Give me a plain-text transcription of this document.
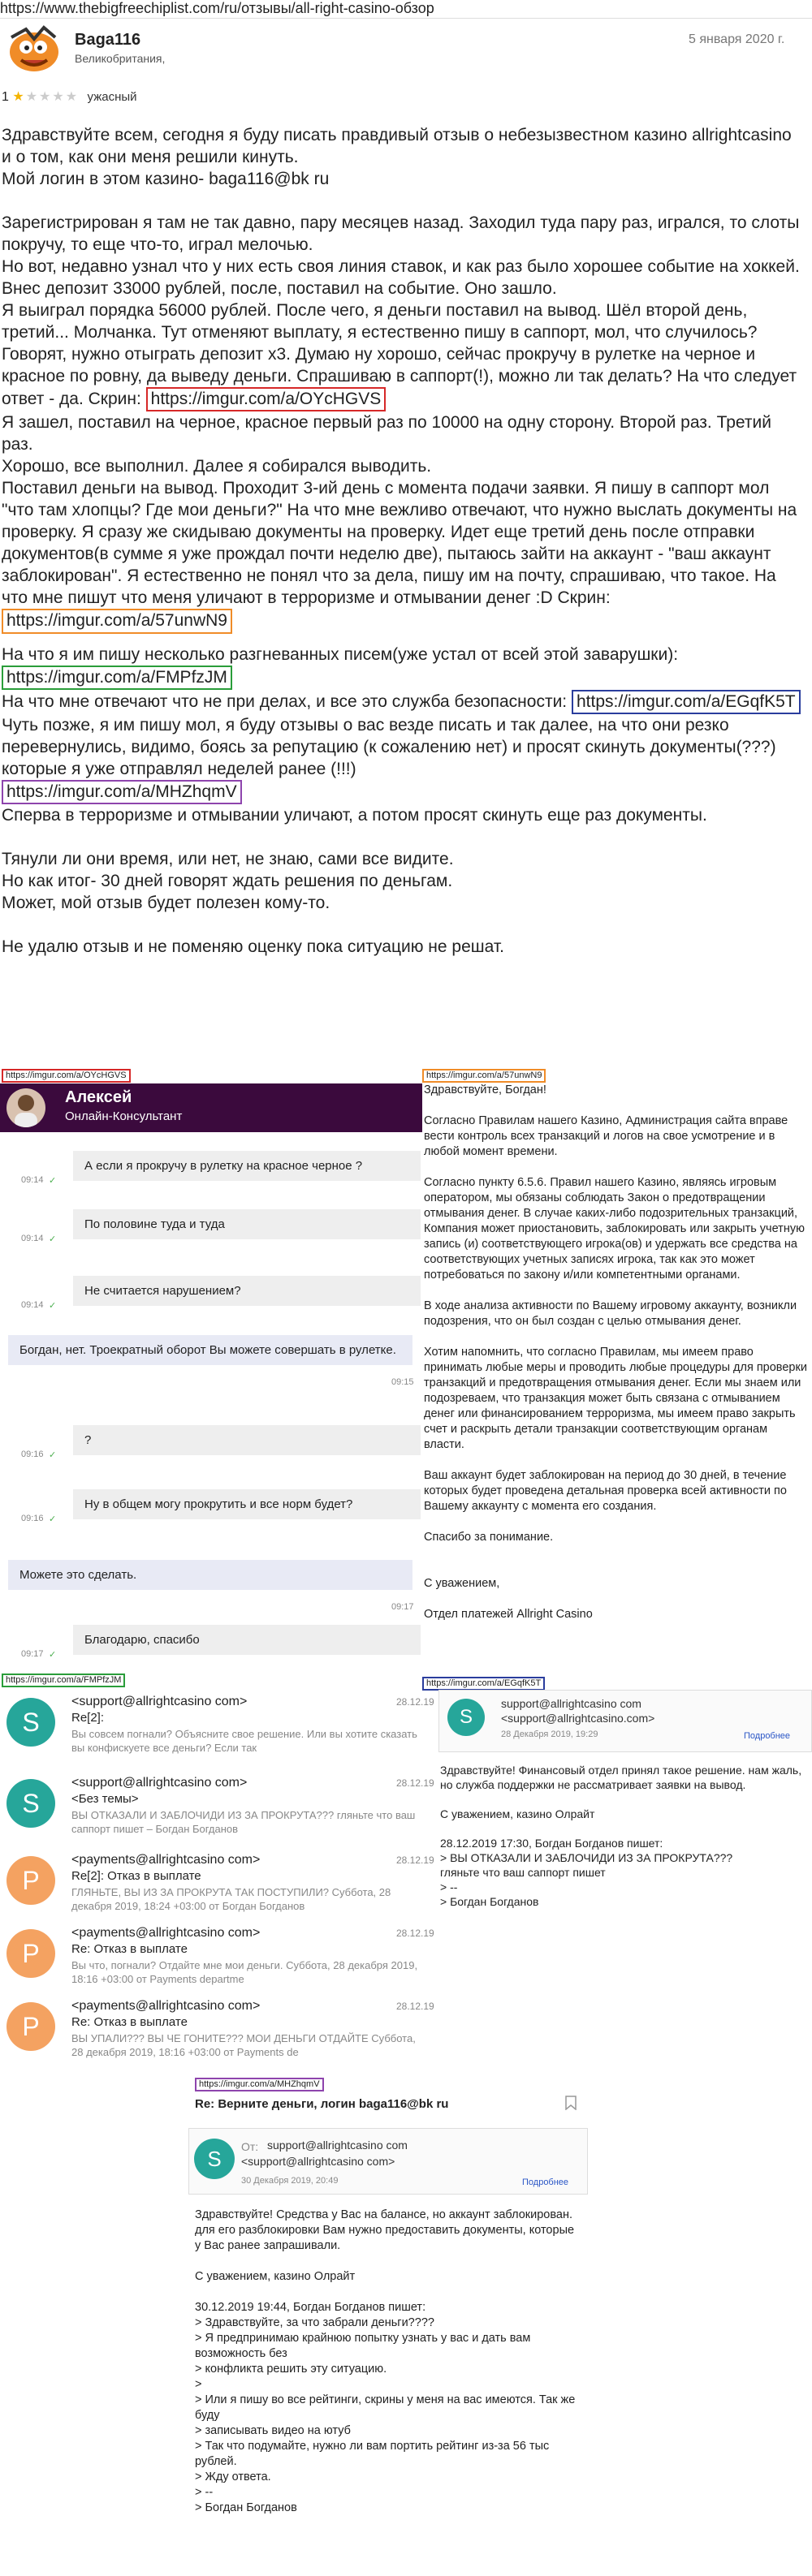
https://www.thebigfreechiplist.com/ru/отзывы/all-right-casino-обзор
Baga116
Великобритания,
5 января 2020 г.
1 ★★★★★ ужасный
Здравствуйте всем, сегодня я буду писать правдивый отзыв о небезызвестном казино allrightcasino и о том, как они меня решили кинуть.
Мой логин в этом казино- baga116@bk ru
Зарегистрирован я там не так давно, пару месяцев назад. Заходил туда пару раз, игрался, то слоты покручу, то еще что-то, играл мелочью.
Но вот, недавно узнал что у них есть своя линия ставок, и как раз было хорошее событие на хоккей. Внес депозит 33000 рублей, после, поставил на событие. Оно зашло.
Я выиграл порядка 56000 рублей. После чего, я деньги поставил на вывод. Шёл второй день, третий... Молчанка. Тут отменяют выплату, я естественно пишу в саппорт, мол, что случилось? Говорят, нужно отыграть депозит х3. Думаю ну хорошо, сейчас прокручу в рулетке на черное и красное по ровну, да выведу деньги. Спрашиваю в саппорт(!), можно ли так делать? На что следует ответ - да. Скрин: https://imgur.com/a/OYcHGVS
Я зашел, поставил на черное, красное первый раз по 10000 на одну сторону. Второй раз. Третий раз.
Хорошо, все выполнил. Далее я собирался выводить.
Поставил деньги на вывод. Проходит 3-ий день с момента подачи заявки. Я пишу в саппорт мол "что там хлопцы? Где мои деньги?" На что мне вежливо отвечают, что нужно выслать документы на проверку. Я сразу же скидываю документы на проверку. Идет еще третий день после отправки документов(в сумме я уже прождал почти неделю две), пытаюсь зайти на аккаунт - "ваш аккаунт заблокирован". Я естественно не понял что за дела, пишу им на почту, спрашиваю, что такое. На что мне пишут что меня уличают в терроризме и отмывании денег :D Скрин:
https://imgur.com/a/57unwN9
На что я им пишу несколько разгневанных писем(уже устал от всей этой заварушки):
https://imgur.com/a/FMPfzJM
На что мне отвечают что не при делах, и все это служба безопасности: https://imgur.com/a/EGqfK5T
Чуть позже, я им пишу мол, я буду отзывы о вас везде писать и так далее, на что они резко перевернулись, видимо, боясь за репутацию (к сожалению нет) и просят скинуть документы(???) которые я уже отправлял неделей ранее (!!!)
https://imgur.com/a/MHZhqmV
Сперва в терроризме и отмывании уличают, а потом просят скинуть еще раз документы.
Тянули ли они время, или нет, не знаю, сами все видите.
Но как итог- 30 дней говорят ждать решения по деньгам.
Может, мой отзыв будет полезен кому-то.
Не удалю отзыв и не поменяю оценку пока ситуацию не решат.
https://imgur.com/a/OYcHGVS
Алексей
Онлайн-Консультант
А если я прокручу в рулетку на красное черное ?
09:14 ✓
По половине туда и туда
09:14 ✓
Не считается нарушением?
09:14 ✓
Богдан, нет. Троекратный оборот Вы можете совершать в рулетке.
09:15
?
09:16 ✓
Ну в общем могу прокрутить и все норм будет?
09:16 ✓
Можете это сделать.
09:17
Благодарю, спасибо
09:17 ✓
https://imgur.com/a/57unwN9
Здравствуйте, Богдан!
Согласно Правилам нашего Казино, Администрация сайта вправе вести контроль всех транзакций и логов на свое усмотрение и в любой момент времени.
Согласно пункту 6.5.6. Правил нашего Казино, являясь игровым оператором, мы обязаны соблюдать Закон о предотвращении отмывания денег. В случае каких-либо подозрительных транзакций, Компания может приостановить, заблокировать или закрыть учетную запись (и) соответствующего игрока(ов) и удержать все средства на соответствующих учетных записях игрока, так как это может потребоваться по закону и/или компетентными органами.
В ходе анализа активности по Вашему игровому аккаунту, возникли подозрения, что он был создан с целью отмывания денег.
Хотим напомнить, что согласно Правилам, мы имеем право принимать любые меры и проводить любые процедуры для проверки транзакций и предотвращения отмывания денег. Если мы знаем или подозреваем, что транзакция может быть связана с отмыванием денег или финансированием терроризма, мы имеем право закрыть счет и раскрыть детали транзакции соответствующим органам власти.
Ваш аккаунт будет заблокирован на период до 30 дней, в течение которых будет проведена детальная проверка всей активности по Вашему аккаунту с момента его создания.
Спасибо за понимание.
С уважением,
Отдел платежей Allright Casino
https://imgur.com/a/FMPfzJM
S
<support@allrightcasino com>	28.12.19
Re[2]:
Вы совсем погнали? Объясните свое решение. Или вы хотите сказать вы конфискуете все деньги? Если так
S
<support@allrightcasino com>	28.12.19
<Без темы>
ВЫ ОТКАЗАЛИ И ЗАБЛОЧИДИ ИЗ ЗА ПРОКРУТА??? гляньте что ваш саппорт пишет – Богдан Богданов
P
<payments@allrightcasino com>	28.12.19
Re[2]: Отказ в выплате
ГЛЯНЬТЕ, ВЫ ИЗ ЗА ПРОКРУТА ТАК ПОСТУПИЛИ? Суббота, 28 декабря 2019, 18:24 +03:00 от Богдан Богданов
P
<payments@allrightcasino com>	28.12.19
Re: Отказ в выплате
Вы что, погнали? Отдайте мне мои деньги. Суббота, 28 декабря 2019, 18:16 +03:00 от Payments departme
P
<payments@allrightcasino com>	28.12.19
Re: Отказ в выплате
ВЫ УПАЛИ??? ВЫ ЧЕ ГОНИТЕ??? МОИ ДЕНЬГИ ОТДАЙТЕ Суббота, 28 декабря 2019, 18:16 +03:00 от Payments de
https://imgur.com/a/EGqfK5T
S
support@allrightcasino com
<support@allrightcasino.com>
28 Декабря 2019, 19:29	Подробнее
Здравствуйте! Финансовый отдел принял такое решение. нам жаль, но служба поддержки не рассматривает заявки на вывод.
С уважением, казино Олрайт
28.12.2019 17:30, Богдан Богданов пишет:
> ВЫ ОТКАЗАЛИ И ЗАБЛОЧИДИ ИЗ ЗА ПРОКРУТА???
гляньте что ваш саппорт пишет
> --
> Богдан Богданов
https://imgur.com/a/MHZhqmV
Re: Верните деньги, логин baga116@bk ru
S	От: support@allrightcasino com
<support@allrightcasino com>
30 Декабря 2019, 20:49	Подробнее
Здравствуйте! Средства у Вас на балансе, но аккаунт заблокирован. для его разблокировки Вам нужно предоставить документы, которые у Вас ранее запрашивали.
С уважением, казино Олрайт
30.12.2019 19:44, Богдан Богданов пишет:
> Здравствуйте, за что забрали деньги????
> Я предпринимаю крайнюю попытку узнать у вас и дать вам возможность без
> конфликта решить эту ситуацию.
>
> Или я пишу во все рейтинги, скрины у меня на вас имеются. Так же буду
> записывать видео на ютуб
> Так что подумайте, нужно ли вам портить рейтинг из-за 56 тыс рублей.
> Жду ответа.
> --
> Богдан Богданов
